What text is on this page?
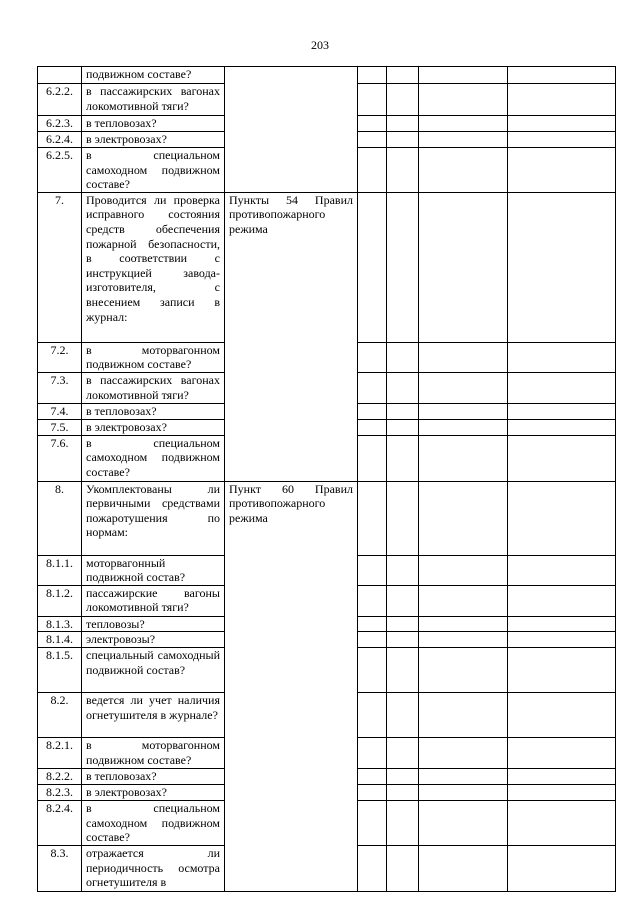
203
	подвижном составе?					
6.2.2.	в пассажирских вагонах локомотивной тяги?					
6.2.3.	в тепловозах?					
6.2.4.	в электровозах?					
6.2.5.	в специальном самоходном подвижном составе?					
7.	Проводится ли проверка исправного состояния средств обеспечения пожарной безопасности, в соответствии с инструкцией завода-изготовителя, с внесением записи в журнал:	Пункты 54 Правил противопожарного режима				
7.2.	в моторвагонном подвижном составе?					
7.3.	в пассажирских вагонах локомотивной тяги?					
7.4.	в тепловозах?					
7.5.	в электровозах?					
7.6.	в специальном самоходном подвижном составе?					
8.	Укомплектованы ли первичными средствами пожаротушения по нормам:	Пункт 60 Правил противопожарного режима				
8.1.1.	моторвагонный подвижной состав?					
8.1.2.	пассажирские вагоны локомотивной тяги?					
8.1.3.	тепловозы?					
8.1.4.	электровозы?					
8.1.5.	специальный самоходный подвижной состав?					
8.2.	ведется ли учет наличия огнетушителя в журнале?					
8.2.1.	в моторвагонном подвижном составе?					
8.2.2.	в тепловозах?					
8.2.3.	в электровозах?					
8.2.4.	в специальном самоходном подвижном составе?					
8.3.	отражается ли периодичность осмотра огнетушителя в					
